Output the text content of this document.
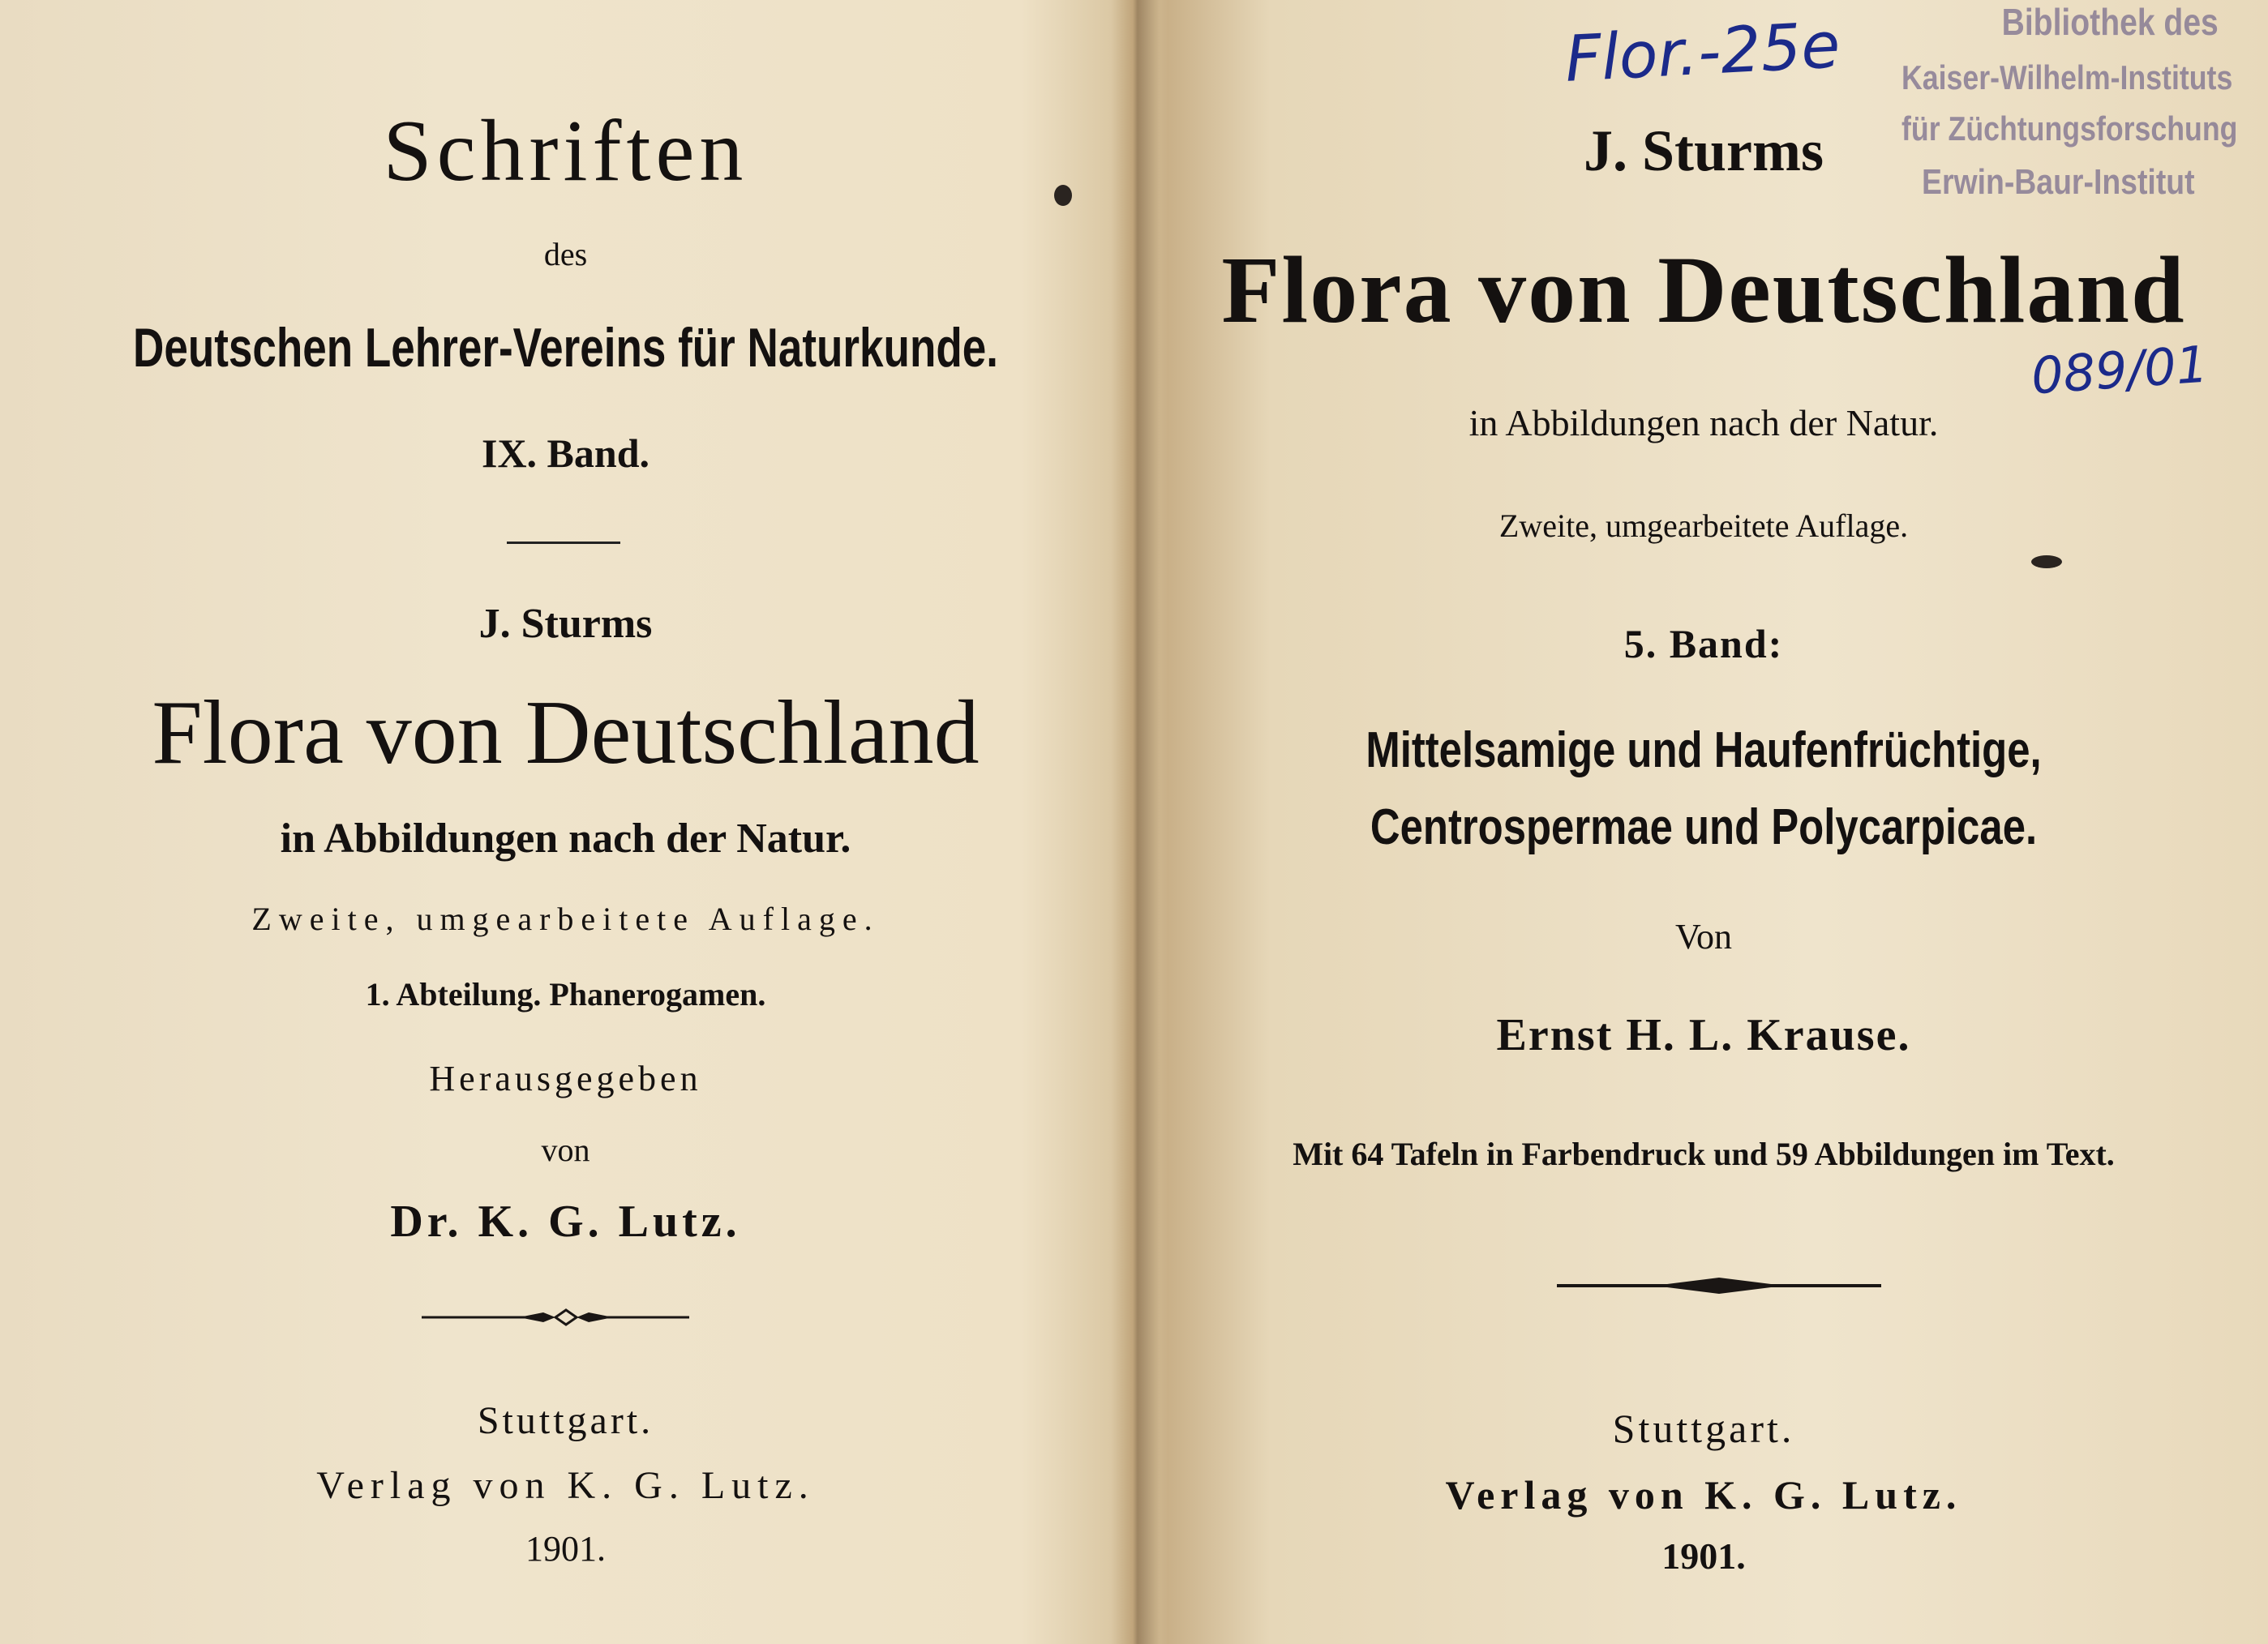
Schriften
des
Deutschen Lehrer-Vereins für Naturkunde.
IX. Band.
J. Sturms
Flora von Deutschland
in Abbildungen nach der Natur.
Zweite, umgearbeitete Auflage.
1. Abteilung. Phanerogamen.
Herausgegeben
von
Dr. K. G. Lutz.
Stuttgart.
Verlag von K. G. Lutz.
1901.
J. Sturms
Flora von Deutschland
in Abbildungen nach der Natur.
Zweite, umgearbeitete Auflage.
5. Band:
Mittelsamige und Haufenfrüchtige,
Centrospermae und Polycarpicae.
Von
Ernst H. L. Krause.
Mit 64 Tafeln in Farbendruck und 59 Abbildungen im Text.
Stuttgart.
Verlag von K. G. Lutz.
1901.
Flor.-25e
089/01
Bibliothek des
Kaiser-Wilhelm-Instituts
für Züchtungsforschung
Erwin-Baur-Institut
